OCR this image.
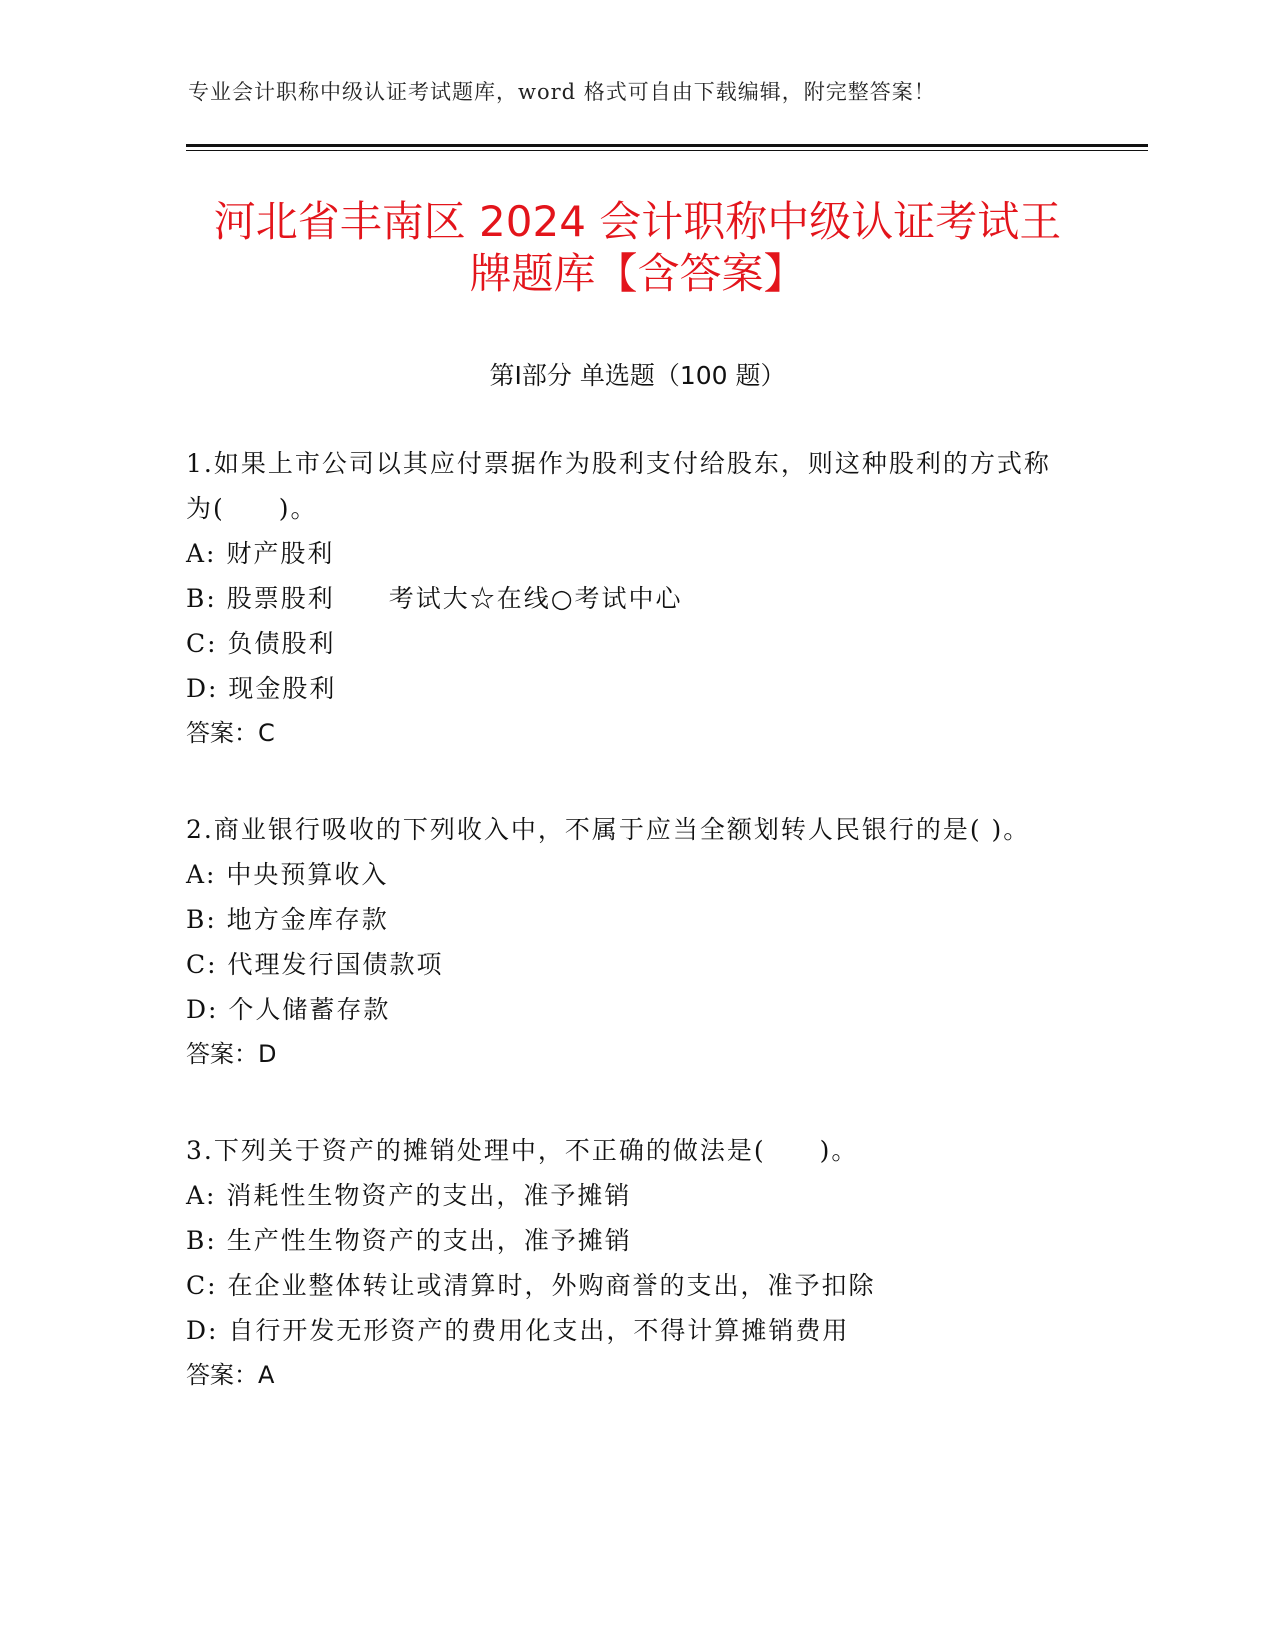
专业会计职称中级认证考试题库，word 格式可自由下载编辑，附完整答案！
河北省丰南区 2024 会计职称中级认证考试王
牌题库【含答案】
第Ⅰ部分 单选题（100 题）
1.如果上市公司以其应付票据作为股利支付给股东，则这种股利的方式称为(　　)。
A: 财产股利
B: 股票股利　　考试大☆在线○考试中心
C: 负债股利
D: 现金股利
答案：C
2.商业银行吸收的下列收入中，不属于应当全额划转人民银行的是( )。
A: 中央预算收入
B: 地方金库存款
C: 代理发行国债款项
D: 个人储蓄存款
答案：D
3.下列关于资产的摊销处理中，不正确的做法是(　　)。
A: 消耗性生物资产的支出，准予摊销
B: 生产性生物资产的支出，准予摊销
C: 在企业整体转让或清算时，外购商誉的支出，准予扣除
D: 自行开发无形资产的费用化支出，不得计算摊销费用
答案：A
